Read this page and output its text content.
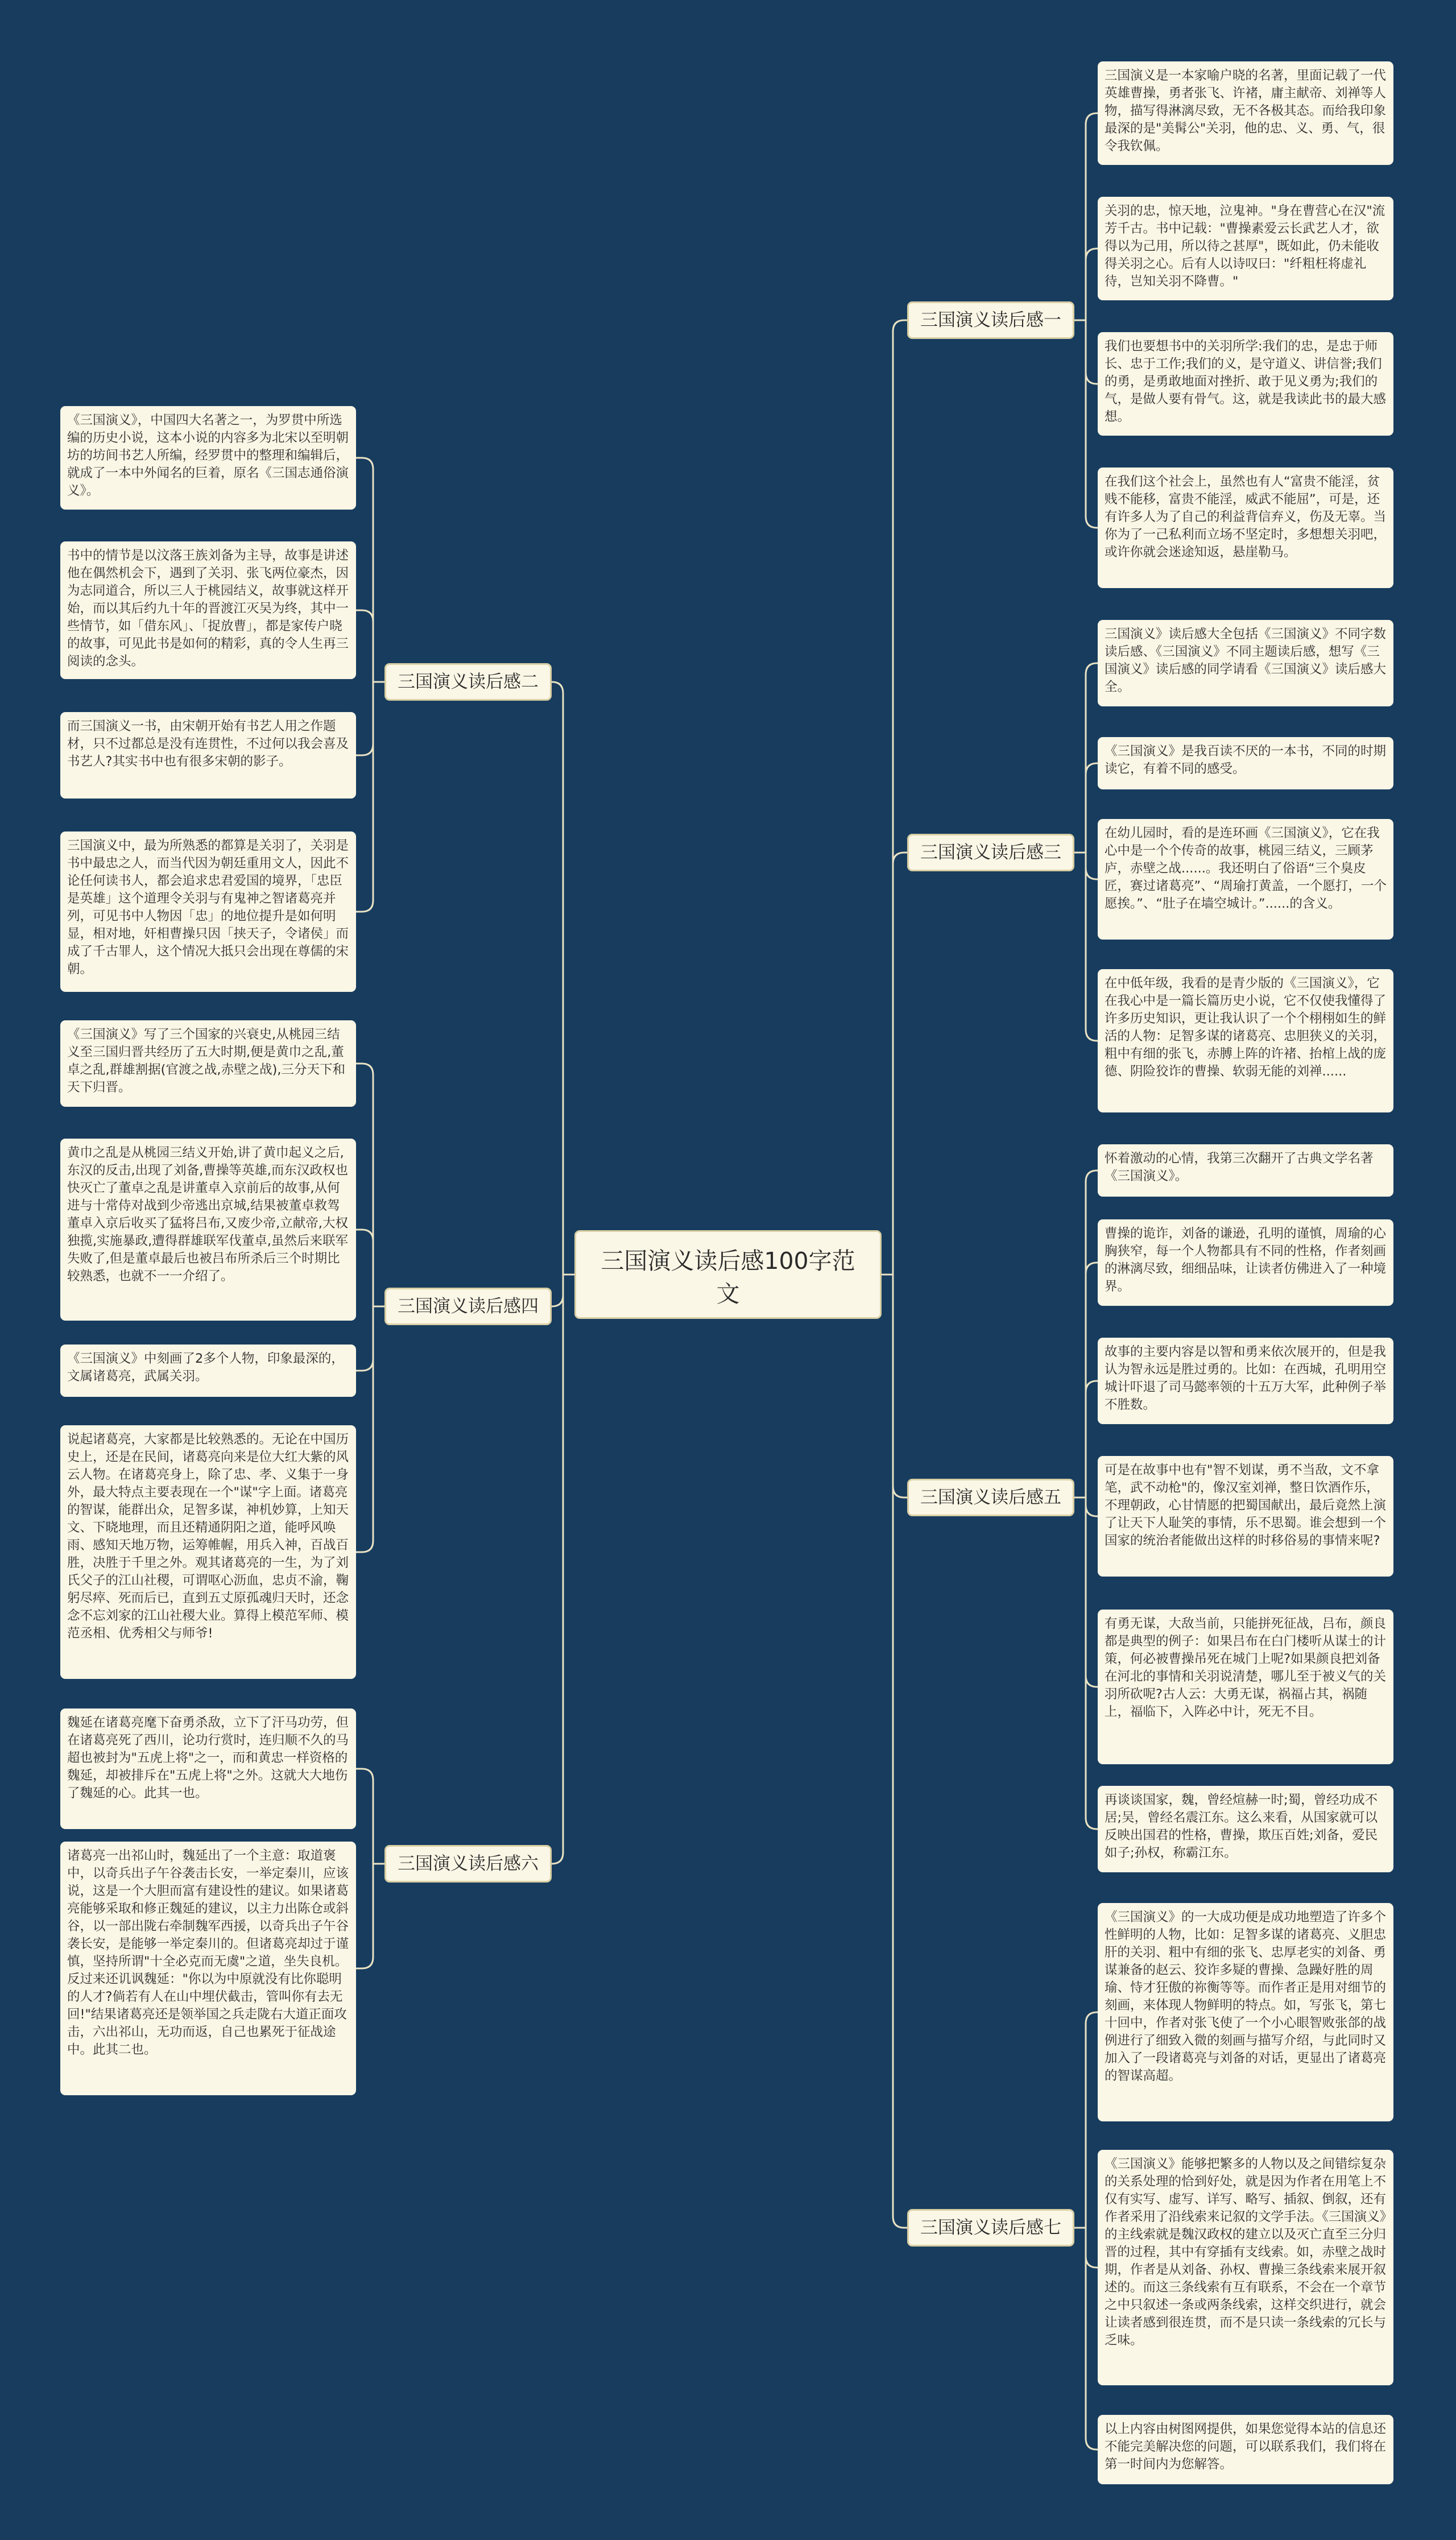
三国演义读后感100字范文
三国演义读后感二
三国演义读后感四
三国演义读后感六
三国演义读后感一
三国演义读后感三
三国演义读后感五
三国演义读后感七
三国演义是一本家喻户晓的名著，里面记载了一代英雄曹操，勇者张飞、许褚，庸主献帝、刘禅等人物，描写得淋漓尽致，无不各极其态。而给我印象最深的是"美髯公"关羽，他的忠、义、勇、气，很令我钦佩。
关羽的忠，惊天地，泣鬼神。"身在曹营心在汉"流芳千古。书中记载："曹操素爱云长武艺人才，欲得以为己用，所以待之甚厚"，既如此，仍未能收得关羽之心。后有人以诗叹曰："纤粗枉将虚礼待，岂知关羽不降曹。"
我们也要想书中的关羽所学:我们的忠，是忠于师长、忠于工作;我们的义，是守道义、讲信誉;我们的勇，是勇敢地面对挫折、敢于见义勇为;我们的气，是做人要有骨气。这，就是我读此书的最大感想。
在我们这个社会上，虽然也有人“富贵不能淫，贫贱不能移，富贵不能淫，威武不能屈”，可是，还有许多人为了自己的利益背信弃义，伤及无辜。当你为了一己私利而立场不坚定时，多想想关羽吧，或许你就会迷途知返，悬崖勒马。
三国演义》读后感大全包括《三国演义》不同字数读后感、《三国演义》不同主题读后感，想写《三国演义》读后感的同学请看《三国演义》读后感大全。
《三国演义》是我百读不厌的一本书，不同的时期读它，有着不同的感受。
在幼儿园时，看的是连环画《三国演义》，它在我心中是一个个传奇的故事，桃园三结义，三顾茅庐，赤壁之战......。我还明白了俗语“三个臭皮匠，赛过诸葛亮”、“周瑜打黄盖，一个愿打，一个愿挨。”、“肚子在墙空城计。”......的含义。
在中低年级，我看的是青少版的《三国演义》，它在我心中是一篇长篇历史小说，它不仅使我懂得了许多历史知识，更让我认识了一个个栩栩如生的鲜活的人物：足智多谋的诸葛亮、忠胆狭义的关羽，粗中有细的张飞，赤膊上阵的许褚、抬棺上战的庞德、阴险狡诈的曹操、软弱无能的刘禅......
怀着激动的心情，我第三次翻开了古典文学名著《三国演义》。
曹操的诡诈，刘备的谦逊，孔明的谨慎，周瑜的心胸狭窄，每一个人物都具有不同的性格，作者刻画的淋漓尽致，细细品味，让读者仿佛进入了一种境界。
故事的主要内容是以智和勇来依次展开的，但是我认为智永远是胜过勇的。比如：在西城，孔明用空城计吓退了司马懿率领的十五万大军，此种例子举不胜数。
可是在故事中也有"智不划谋，勇不当敌，文不拿笔，武不动枪"的，像汉室刘禅，整日饮酒作乐，不理朝政，心甘情愿的把蜀国献出，最后竟然上演了让天下人耻笑的事情，乐不思蜀。谁会想到一个国家的统治者能做出这样的时移俗易的事情来呢?
有勇无谋，大敌当前，只能拼死征战，吕布，颜良都是典型的例子：如果吕布在白门楼听从谋士的计策，何必被曹操吊死在城门上呢?如果颜良把刘备在河北的事情和关羽说清楚，哪儿至于被义气的关羽所砍呢?古人云：大勇无谋，祸福占其，祸随上，福临下，入阵必中计，死无不目。
再谈谈国家，魏，曾经煊赫一时;蜀，曾经功成不居;吴，曾经名震江东。这么来看，从国家就可以反映出国君的性格，曹操，欺压百姓;刘备，爱民如子;孙权，称霸江东。
《三国演义》的一大成功便是成功地塑造了许多个性鲜明的人物，比如：足智多谋的诸葛亮、义胆忠肝的关羽、粗中有细的张飞、忠厚老实的刘备、勇谋兼备的赵云、狡诈多疑的曹操、急躁好胜的周瑜、恃才狂傲的祢衡等等。而作者正是用对细节的刻画，来体现人物鲜明的特点。如，写张飞，第七十回中，作者对张飞使了一个小心眼智败张郃的战例进行了细致入微的刻画与描写介绍，与此同时又加入了一段诸葛亮与刘备的对话，更显出了诸葛亮的智谋高超。
《三国演义》能够把繁多的人物以及之间错综复杂的关系处理的恰到好处，就是因为作者在用笔上不仅有实写、虚写、详写、略写、插叙、倒叙，还有作者采用了沿线索来记叙的文学手法。《三国演义》的主线索就是魏汉政权的建立以及灭亡直至三分归晋的过程，其中有穿插有支线索。如，赤壁之战时期，作者是从刘备、孙权、曹操三条线索来展开叙述的。而这三条线索有互有联系，不会在一个章节之中只叙述一条或两条线索，这样交织进行，就会让读者感到很连贯，而不是只读一条线索的冗长与乏味。
以上内容由树图网提供，如果您觉得本站的信息还不能完美解决您的问题，可以联系我们，我们将在第一时间内为您解答。
《三国演义》，中国四大名著之一，为罗贯中所选编的历史小说，这本小说的内容多为北宋以至明朝坊的坊间书艺人所编，经罗贯中的整理和编辑后，就成了一本中外闻名的巨着，原名《三国志通俗演义》。
书中的情节是以汶落王族刘备为主导，故事是讲述他在偶然机会下，遇到了关羽、张飞两位豪杰，因为志同道合，所以三人于桃园结义，故事就这样开始，而以其后约九十年的晋渡江灭吴为终，其中一些情节，如「借东风」、「捉放曹」，都是家传户晓的故事，可见此书是如何的精彩，真的令人生再三阅读的念头。
而三国演义一书，由宋朝开始有书艺人用之作题材，只不过都总是没有连贯性，不过何以我会喜及书艺人?其实书中也有很多宋朝的影子。
三国演义中，最为所熟悉的都算是关羽了，关羽是书中最忠之人，而当代因为朝廷重用文人，因此不论任何读书人，都会追求忠君爱国的境界，「忠臣是英雄」这个道理令关羽与有鬼神之智诸葛亮并列，可见书中人物因「忠」的地位提升是如何明显，相对地，奸相曹操只因「挟天子，令诸侯」而成了千古罪人，这个情况大抵只会出现在尊儒的宋朝。
《三国演义》写了三个国家的兴衰史,从桃园三结义至三国归晋共经历了五大时期,便是黄巾之乱,董卓之乱,群雄割据(官渡之战,赤壁之战),三分天下和天下归晋。
黄巾之乱是从桃园三结义开始,讲了黄巾起义之后,东汉的反击,出现了刘备,曹操等英雄,而东汉政权也快灭亡了董卓之乱是讲董卓入京前后的故事,从何进与十常侍对战到少帝逃出京城,结果被董卓救驾董卓入京后收买了猛将吕布,又废少帝,立献帝,大权独揽,实施暴政,遭得群雄联军伐董卓,虽然后来联军失败了,但是董卓最后也被吕布所杀后三个时期比较熟悉，也就不一一介绍了。
《三国演义》中刻画了2多个人物，印象最深的，文属诸葛亮，武属关羽。
说起诸葛亮，大家都是比较熟悉的。无论在中国历史上，还是在民间，诸葛亮向来是位大红大紫的风云人物。在诸葛亮身上，除了忠、孝、义集于一身外，最大特点主要表现在一个"谋"字上面。诸葛亮的智谋，能群出众，足智多谋，神机妙算，上知天文、下晓地理，而且还精通阴阳之道，能呼风唤雨、感知天地万物，运筹帷幄，用兵入神，百战百胜，决胜于千里之外。观其诸葛亮的一生，为了刘氏父子的江山社稷，可谓呕心沥血，忠贞不渝，鞠躬尽瘁、死而后已，直到五丈原孤魂归天时，还念念不忘刘家的江山社稷大业。算得上模范军师、模范丞相、优秀相父与师爷!
魏延在诸葛亮麾下奋勇杀敌，立下了汗马功劳，但在诸葛亮死了西川，论功行赏时，连归顺不久的马超也被封为"五虎上将"之一，而和黄忠一样资格的魏延，却被排斥在"五虎上将"之外。这就大大地伤了魏延的心。此其一也。
诸葛亮一出祁山时，魏延出了一个主意：取道褒中，以奇兵出子午谷袭击长安，一举定秦川，应该说，这是一个大胆而富有建设性的建议。如果诸葛亮能够采取和修正魏延的建议，以主力出陈仓或斜谷，以一部出陇右牵制魏军西援，以奇兵出子午谷袭长安，是能够一举定秦川的。但诸葛亮却过于谨慎，坚持所谓"十全必克而无虞"之道，坐失良机。反过来还讥讽魏延："你以为中原就没有比你聪明的人才?倘若有人在山中埋伏截击，管叫你有去无回!"结果诸葛亮还是领举国之兵走陇右大道正面攻击，六出祁山，无功而返，自己也累死于征战途中。此其二也。
